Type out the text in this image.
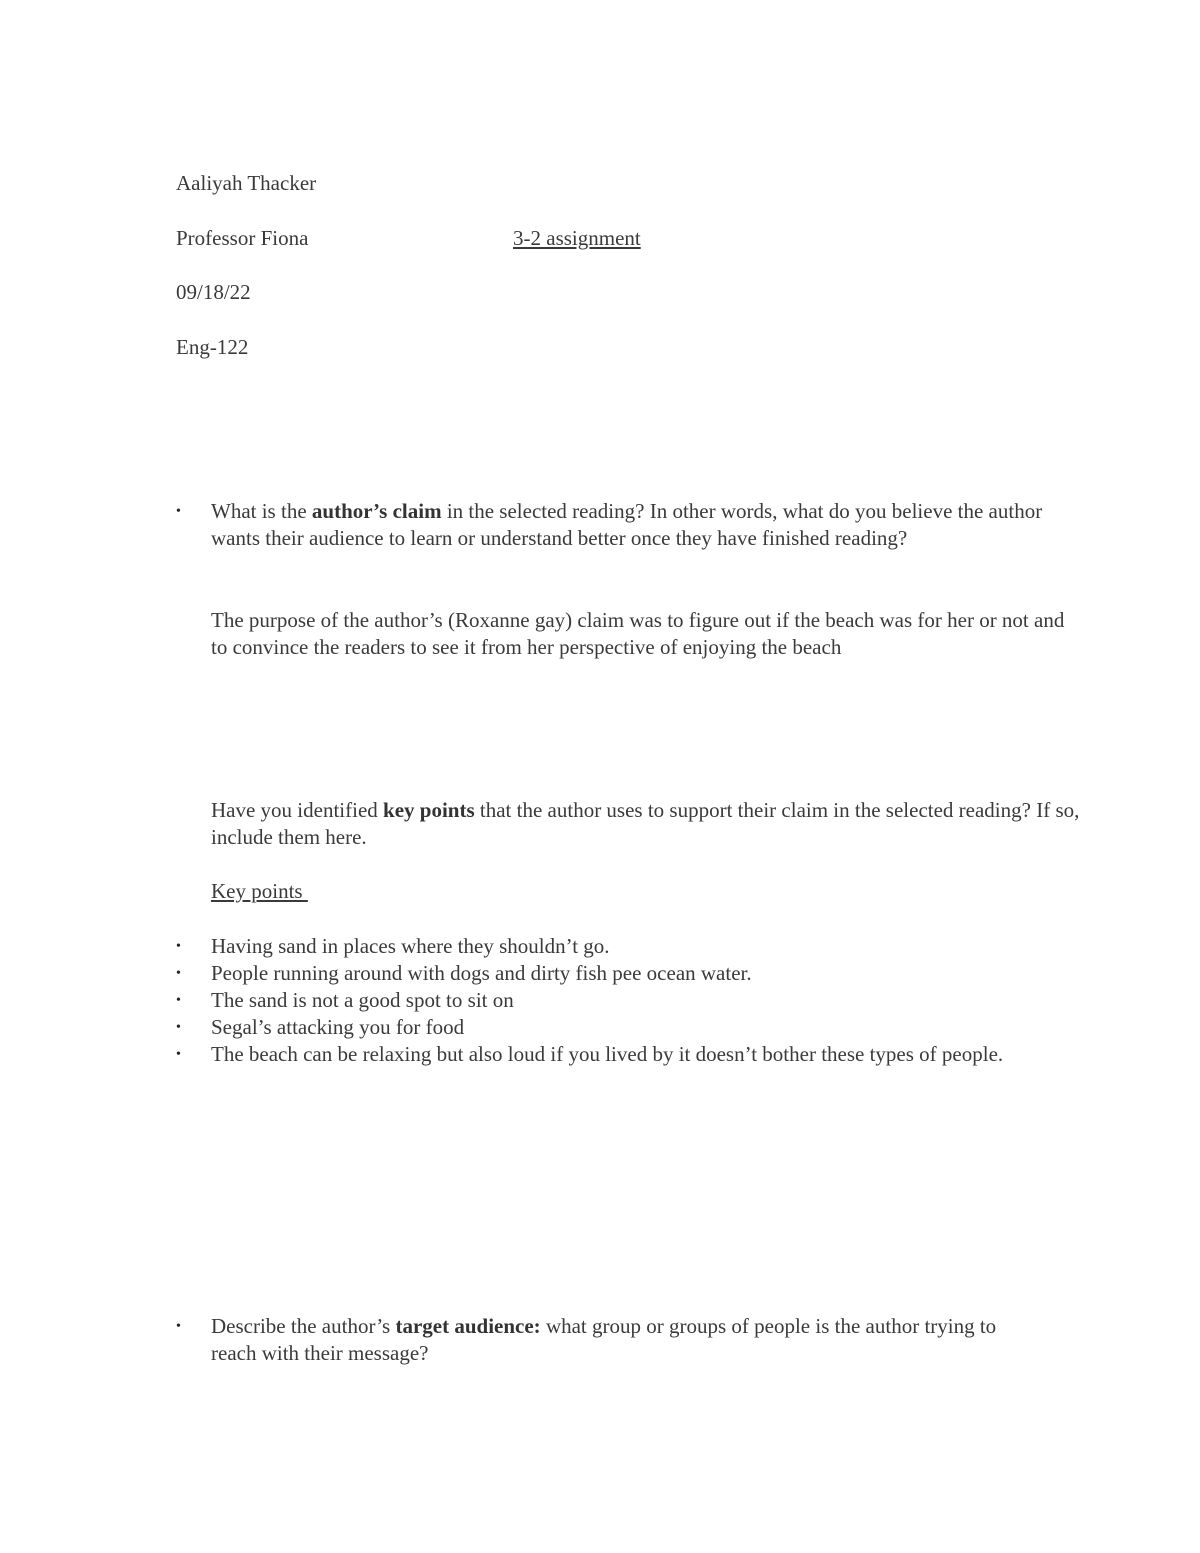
Aaliyah Thacker
Professor Fiona	3-2 assignment
09/18/22
Eng-122
• What is the author’s claim in the selected reading? In other words, what do you believe the author wants their audience to learn or understand better once they have finished reading?
The purpose of the author’s (Roxanne gay) claim was to figure out if the beach was for her or not and to convince the readers to see it from her perspective of enjoying the beach
Have you identified key points that the author uses to support their claim in the selected reading? If so, include them here.
Key points
• Having sand in places where they shouldn’t go.
• People running around with dogs and dirty fish pee ocean water.
• The sand is not a good spot to sit on
• Segal’s attacking you for food
• The beach can be relaxing but also loud if you lived by it doesn’t bother these types of people.
• Describe the author’s target audience: what group or groups of people is the author trying to reach with their message?
